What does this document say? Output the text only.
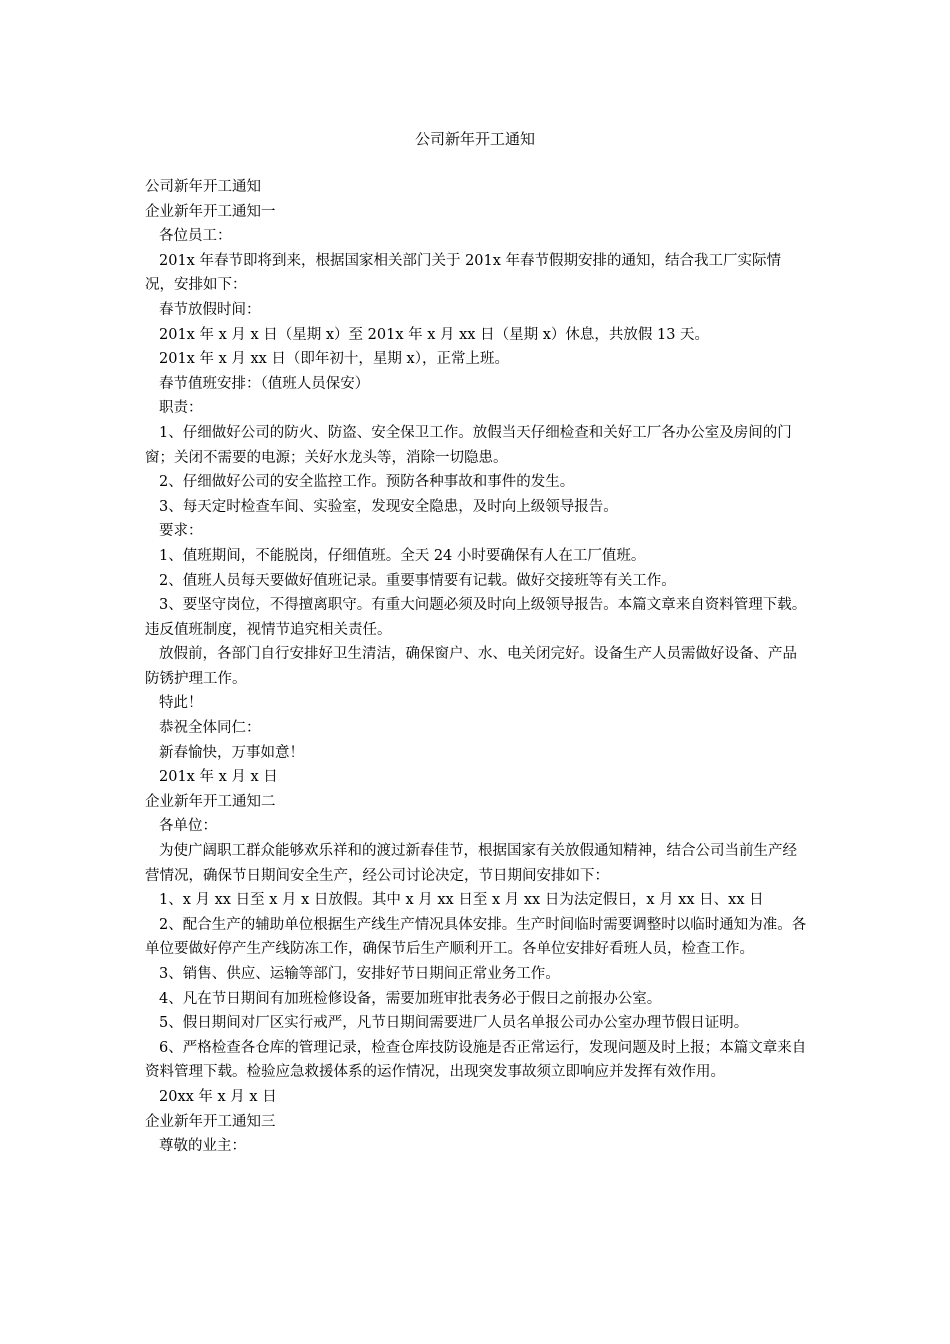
公司新年开工通知

公司新年开工通知

企业新年开工通知一

各位员工：

201x 年春节即将到来，根据国家相关部门关于 201x 年春节假期安排的通知，结合我工厂实际情况，安排如下：

春节放假时间：

201x 年 x 月 x 日（星期 x）至 201x 年 x 月 xx 日（星期 x）休息，共放假 13 天。

201x 年 x 月 xx 日（即年初十，星期 x），正常上班。

春节值班安排：（值班人员保安）

职责：

1、仔细做好公司的防火、防盗、安全保卫工作。放假当天仔细检查和关好工厂各办公室及房间的门窗；关闭不需要的电源；关好水龙头等，消除一切隐患。

2、仔细做好公司的安全监控工作。预防各种事故和事件的发生。

3、每天定时检查车间、实验室，发现安全隐患，及时向上级领导报告。

要求：

1、值班期间，不能脱岗，仔细值班。全天 24 小时要确保有人在工厂值班。

2、值班人员每天要做好值班记录。重要事情要有记载。做好交接班等有关工作。

3、要坚守岗位，不得擅离职守。有重大问题必须及时向上级领导报告。本篇文章来自资料管理下载。违反值班制度，视情节追究相关责任。

放假前，各部门自行安排好卫生清洁，确保窗户、水、电关闭完好。设备生产人员需做好设备、产品防锈护理工作。

特此！

恭祝全体同仁：

新春愉快，万事如意！

201x 年 x 月 x 日

企业新年开工通知二

各单位：

为使广阔职工群众能够欢乐祥和的渡过新春佳节，根据国家有关放假通知精神，结合公司当前生产经营情况，确保节日期间安全生产，经公司讨论决定，节日期间安排如下：

1、x 月 xx 日至 x 月 x 日放假。其中 x 月 xx 日至 x 月 xx 日为法定假日，x 月 xx 日、xx 日

2、配合生产的辅助单位根据生产线生产情况具体安排。生产时间临时需要调整时以临时通知为准。各单位要做好停产生产线防冻工作，确保节后生产顺利开工。各单位安排好看班人员，检查工作。

3、销售、供应、运输等部门，安排好节日期间正常业务工作。

4、凡在节日期间有加班检修设备，需要加班审批表务必于假日之前报办公室。

5、假日期间对厂区实行戒严，凡节日期间需要进厂人员名单报公司办公室办理节假日证明。

6、严格检查各仓库的管理记录，检查仓库技防设施是否正常运行，发现问题及时上报；本篇文章来自资料管理下载。检验应急救援体系的运作情况，出现突发事故须立即响应并发挥有效作用。

20xx 年 x 月 x 日

企业新年开工通知三

尊敬的业主：
